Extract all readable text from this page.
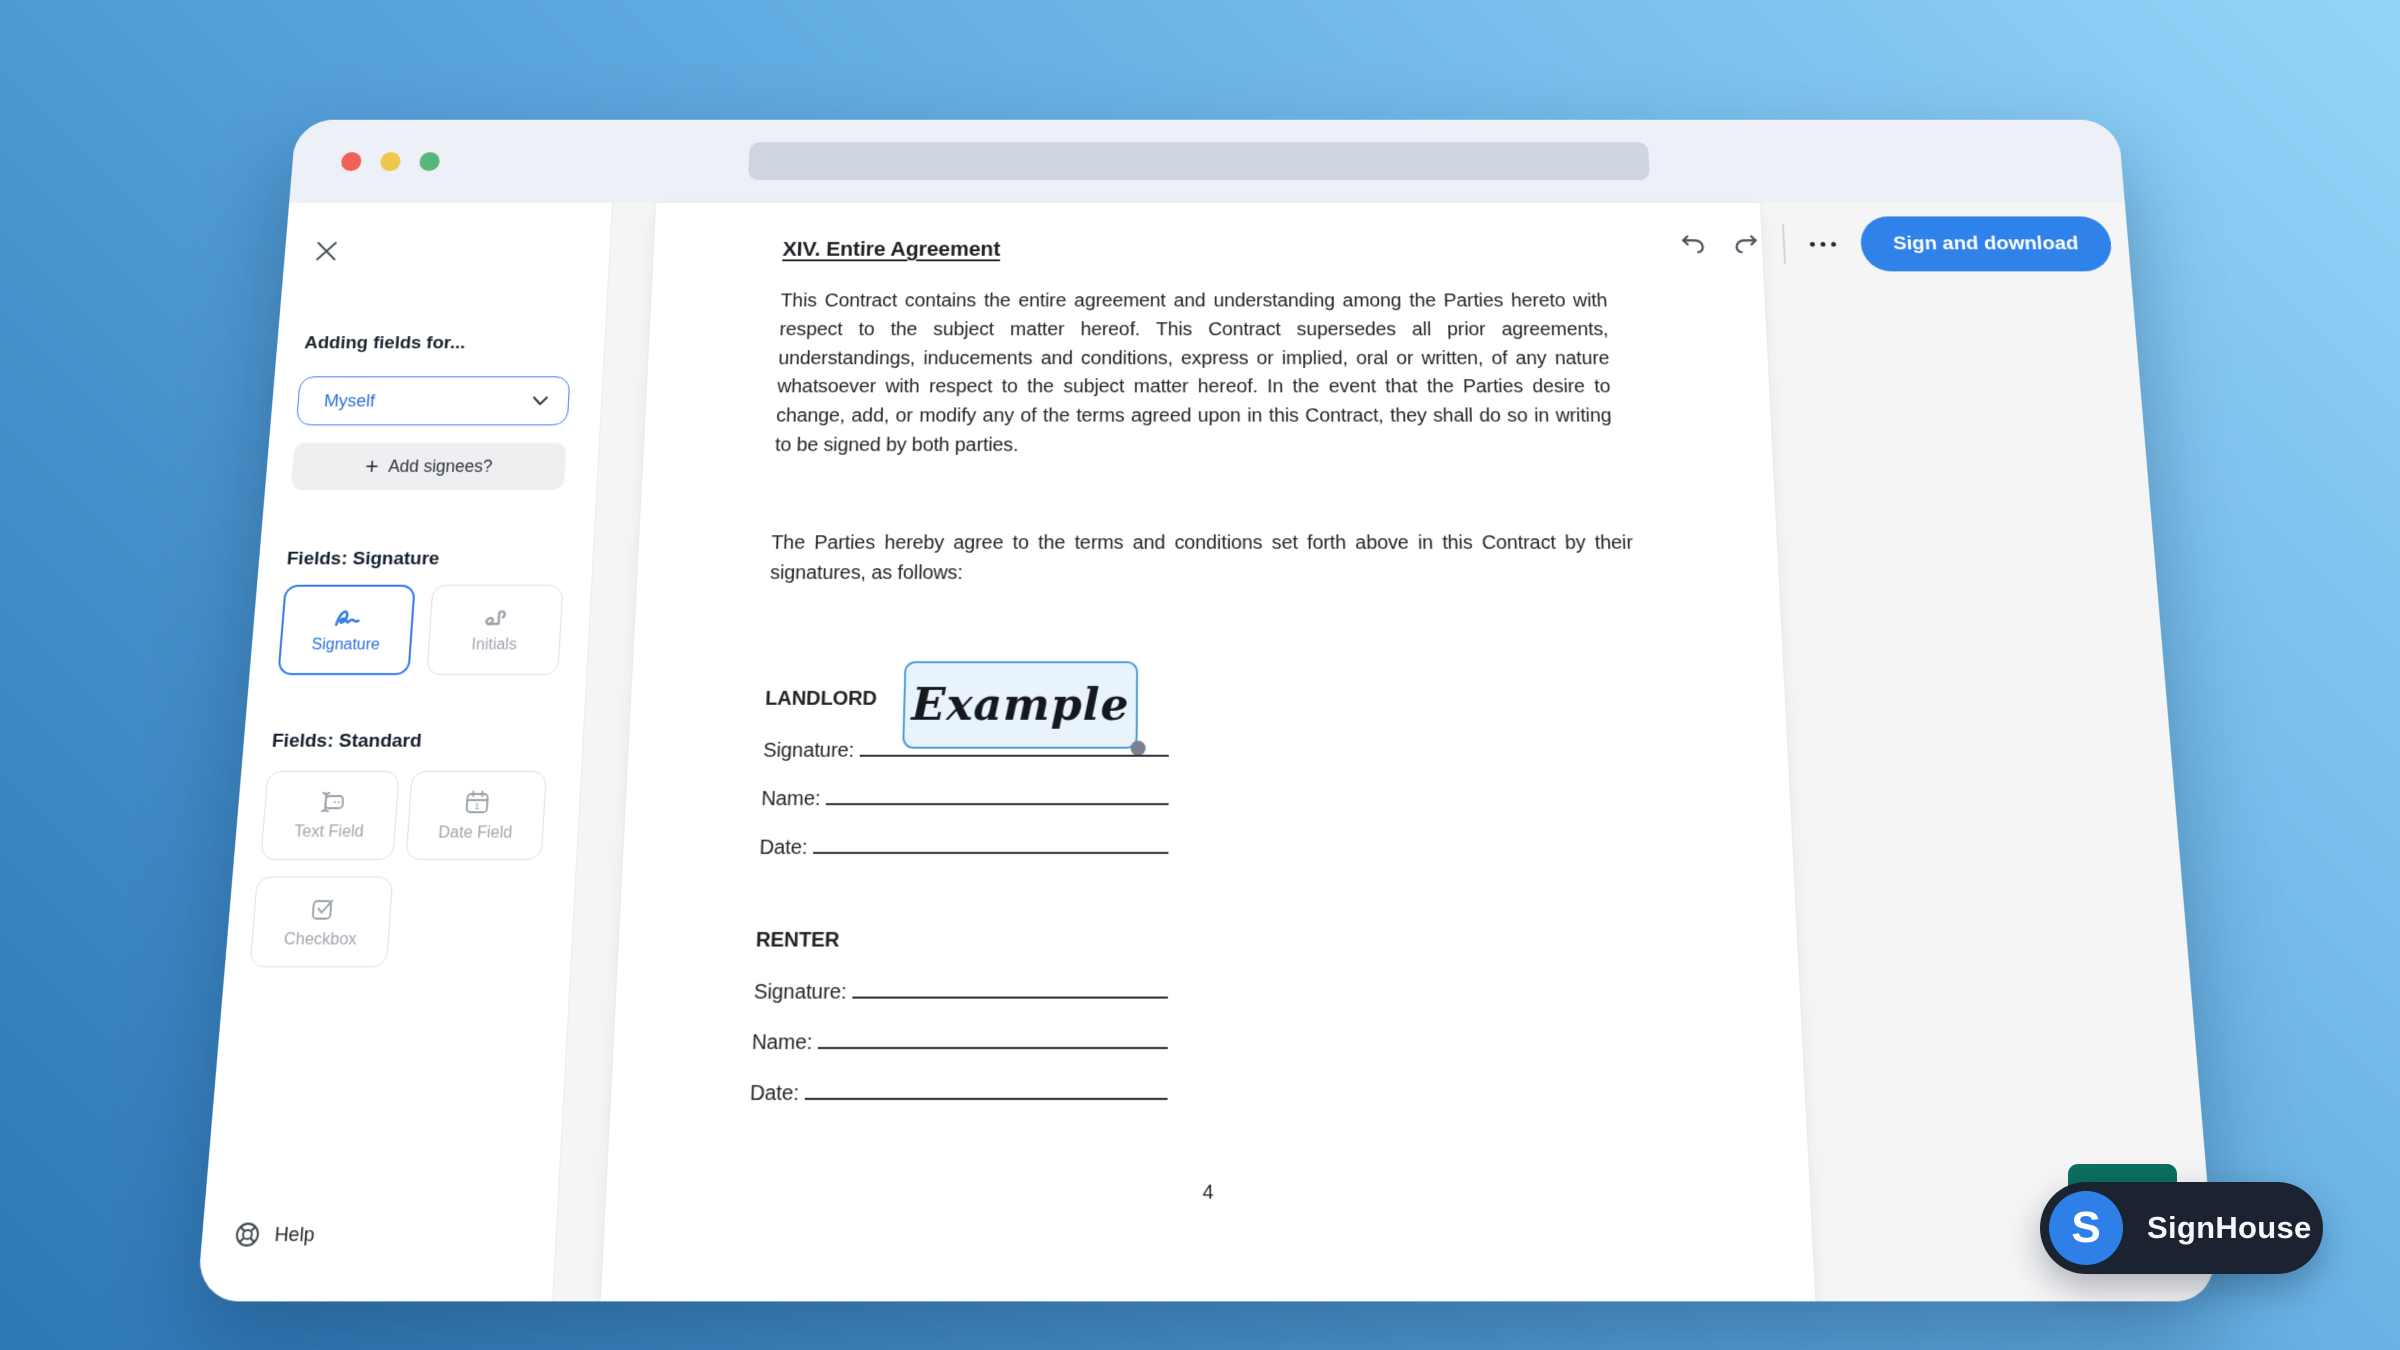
Adding fields for...
Myself
+ Add signees?
Fields: Signature
Signature	Initials
Fields: Standard
Text Field
1
Date Field
Checkbox
Help
Sign and download
XIV. Entire Agreement

This Contract contains the entire agreement and understanding among the Parties hereto with respect to the subject matter hereof. This Contract supersedes all prior agreements, understandings, inducements and conditions, express or implied, oral or written, of any nature whatsoever with respect to the subject matter hereof. In the event that the Parties desire to change, add, or modify any of the terms agreed upon in this Contract, they shall do so in writing to be signed by both parties.

The Parties hereby agree to the terms and conditions set forth above in this Contract by their signatures, as follows:

LANDLORD Example
Signature:
Name:
Date:
RENTER
Signature:
Name:
Date:
4
S	SignHouse
